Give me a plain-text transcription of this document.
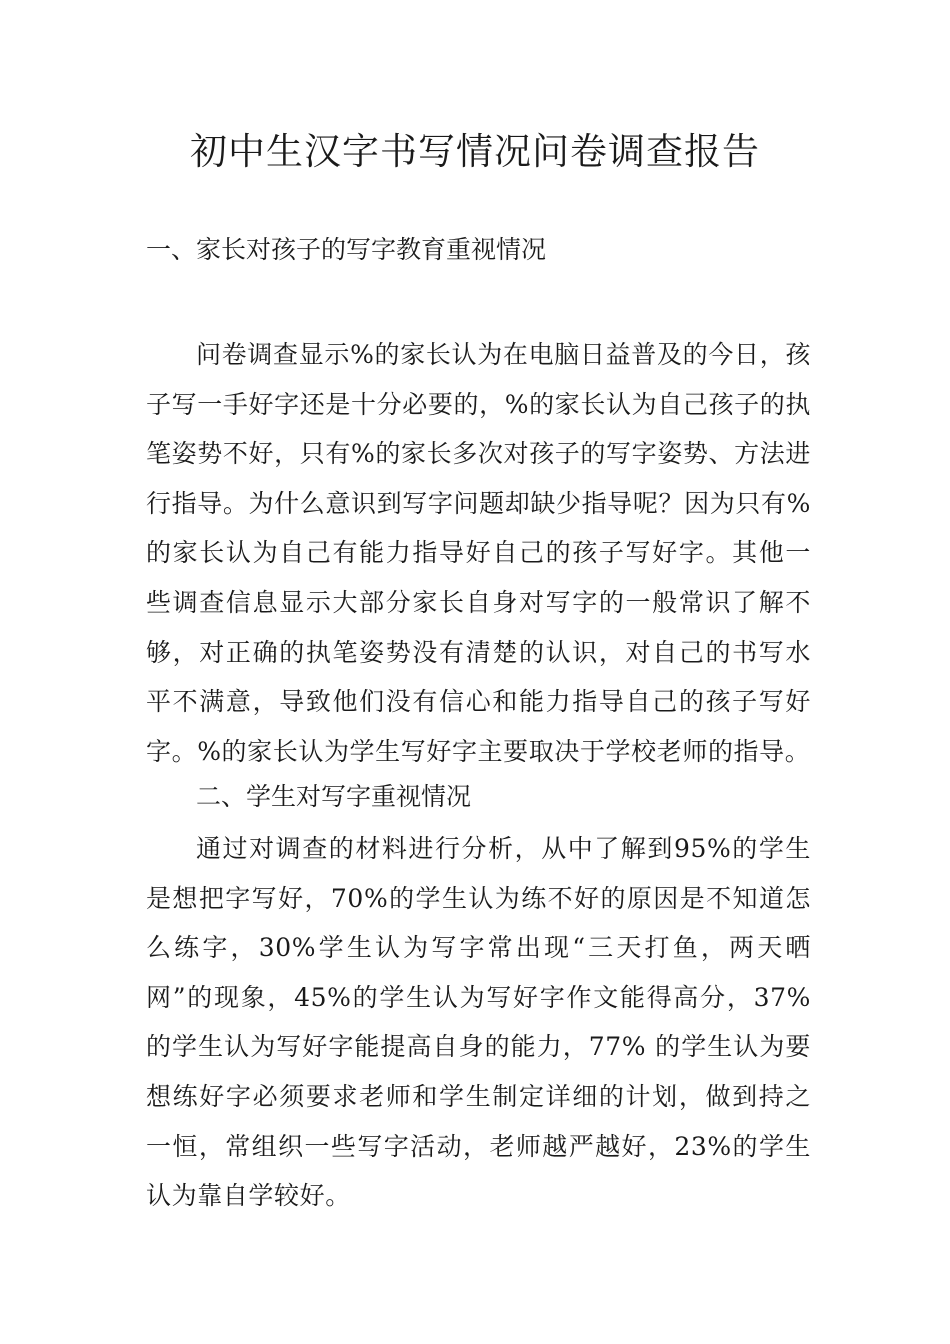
初中生汉字书写情况问卷调查报告

一、家长对孩子的写字教育重视情况

问卷调查显示%的家长认为在电脑日益普及的今日，孩子写一手好字还是十分必要的，%的家长认为自己孩子的执笔姿势不好，只有%的家长多次对孩子的写字姿势、方法进行指导。为什么意识到写字问题却缺少指导呢？因为只有%的家长认为自己有能力指导好自己的孩子写好字。其他一些调查信息显示大部分家长自身对写字的一般常识了解不够，对正确的执笔姿势没有清楚的认识，对自己的书写水平不满意，导致他们没有信心和能力指导自己的孩子写好字。%的家长认为学生写好字主要取决于学校老师的指导。

二、学生对写字重视情况

通过对调查的材料进行分析，从中了解到95%的学生是想把字写好，70%的学生认为练不好的原因是不知道怎么练字，30%学生认为写字常出现“三天打鱼，两天晒网”的现象，45%的学生认为写好字作文能得高分，37%的学生认为写好字能提高自身的能力，77% 的学生认为要想练好字必须要求老师和学生制定详细的计划，做到持之一恒，常组织一些写字活动，老师越严越好，23%的学生认为靠自学较好。
